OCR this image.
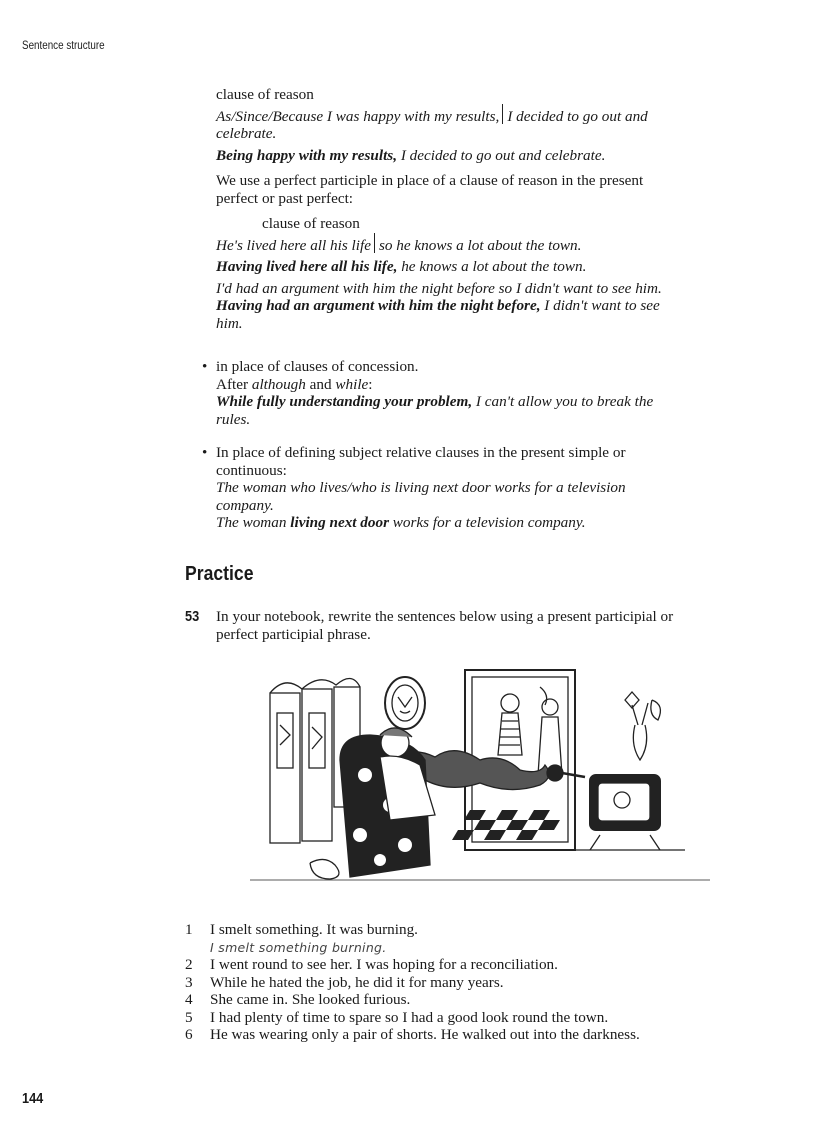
Sentence structure
clause of reason
As/Since/Because I was happy with my results, I decided to go out and
celebrate.
Being happy with my results, I decided to go out and celebrate.
We use a perfect participle in place of a clause of reason in the present
perfect or past perfect:
clause of reason
He's lived here all his life so he knows a lot about the town.
Having lived here all his life, he knows a lot about the town.
I'd had an argument with him the night before so I didn't want to see him.
Having had an argument with him the night before, I didn't want to see
him.
• in place of clauses of concession.
After although and while:
While fully understanding your problem, I can't allow you to break the
rules.
• In place of defining subject relative clauses in the present simple or
continuous:
The woman who lives/who is living next door works for a television
company.
The woman living next door works for a television company.
Practice
53 In your notebook, rewrite the sentences below using a present participial or
perfect participial phrase.
1 I smelt something. It was burning.
I smelt something burning.
2 I went round to see her. I was hoping for a reconciliation.
3 While he hated the job, he did it for many years.
4 She came in. She looked furious.
5 I had plenty of time to spare so I had a good look round the town.
6 He was wearing only a pair of shorts. He walked out into the darkness.
144
